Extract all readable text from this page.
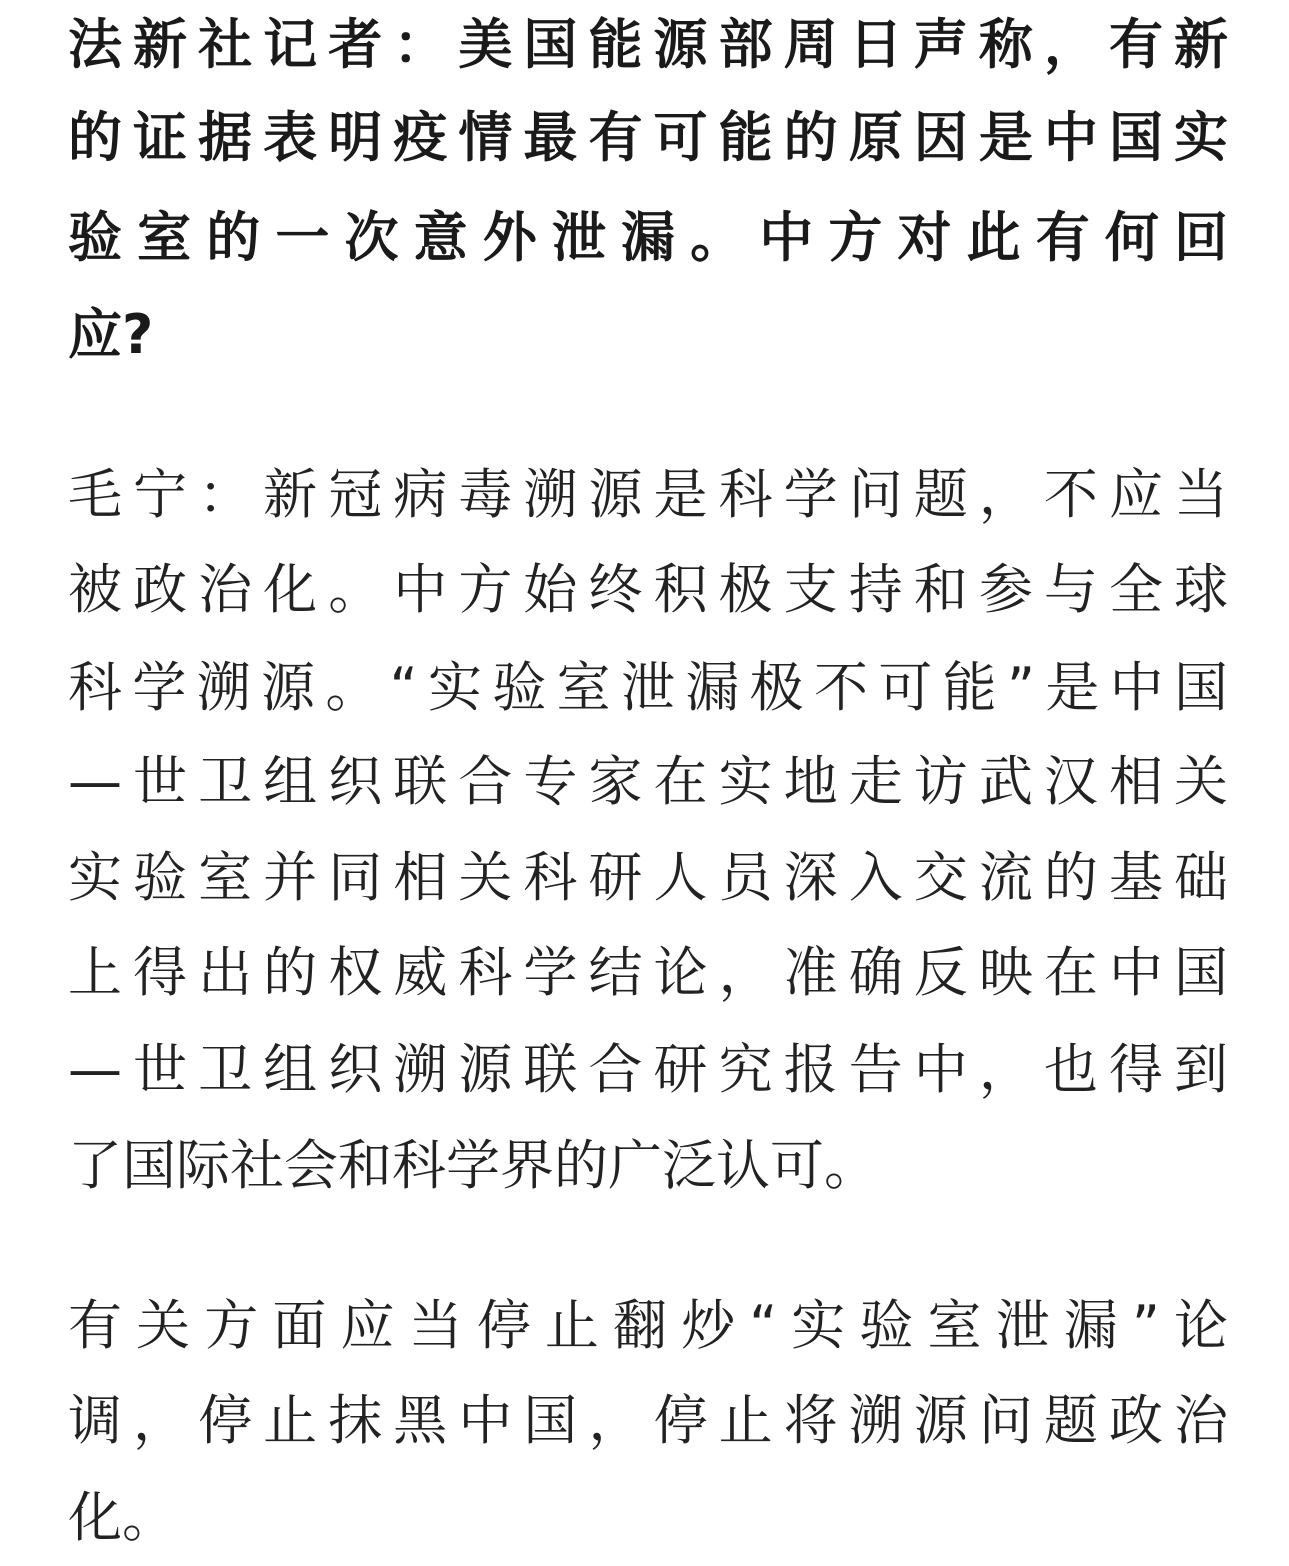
法新社记者：美国能源部周日声称，有新
的证据表明疫情最有可能的原因是中国实
验室的一次意外泄漏。中方对此有何回
应?
毛宁：新冠病毒溯源是科学问题，不应当
被政治化。中方始终积极支持和参与全球
科学溯源。“实验室泄漏极不可能”是中国
—世卫组织联合专家在实地走访武汉相关
实验室并同相关科研人员深入交流的基础
上得出的权威科学结论，准确反映在中国
—世卫组织溯源联合研究报告中，也得到
了国际社会和科学界的广泛认可。
有关方面应当停止翻炒“实验室泄漏”论
调，停止抹黑中国，停止将溯源问题政治
化。
